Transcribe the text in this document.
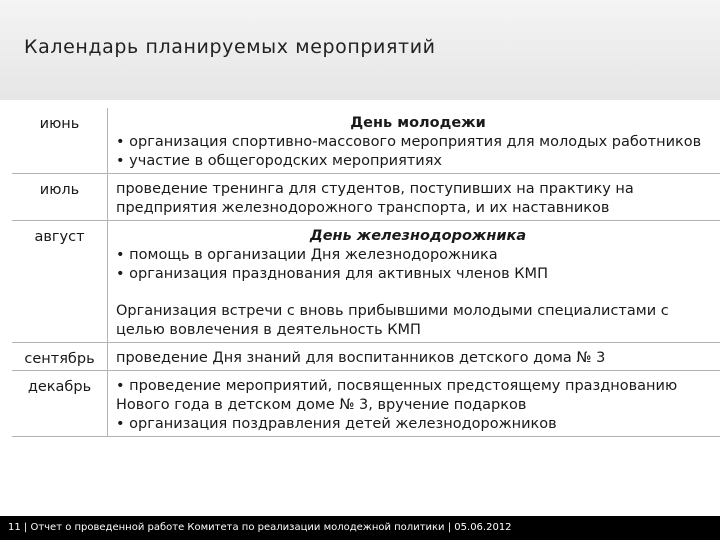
Календарь планируемых мероприятий
июнь	День молодежи
• организация спортивно-массового мероприятия для молодых работников
• участие в общегородских мероприятиях

июль	проведение тренинга для студентов, поступивших на практику на предприятия железнодорожного транспорта, и их наставников

август	День железнодорожника
• помощь в организации Дня железнодорожника
• организация празднования для активных членов КМП
Организация встречи с вновь прибывшими молодыми специалистами с целью вовлечения в деятельность КМП

сентябрь	проведение Дня знаний для воспитанников детского дома № 3

декабрь	• проведение мероприятий, посвященных предстоящему празднованию Нового года в детском доме № 3, вручение подарков
• организация поздравления детей железнодорожников
11 | Отчет о проведенной работе Комитета по реализации молодежной политики | 05.06.2012
